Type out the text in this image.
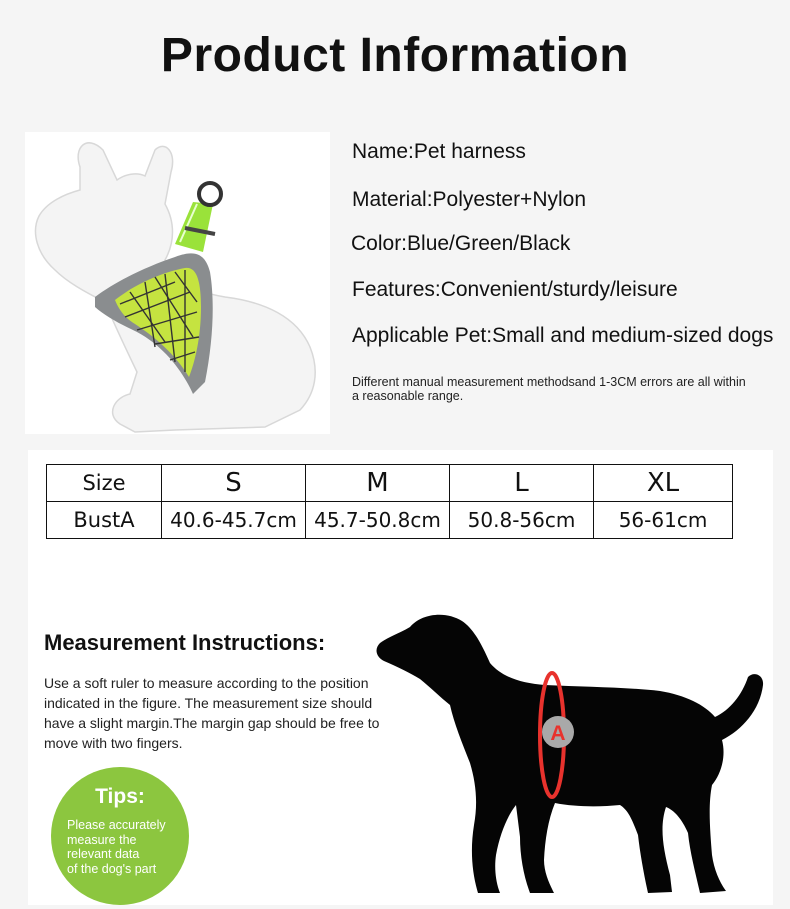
Product Information
Name:Pet harness
Material:Polyester+Nylon
Color:Blue/Green/Black
Features:Convenient/sturdy/leisure
Applicable Pet:Small and medium-sized dogs
Different manual measurement methodsand 1-3CM errors are all within a reasonable range.
Size	S	M	L	XL
BustA	40.6-45.7cm	45.7-50.8cm	50.8-56cm	56-61cm
Measurement Instructions:
Use a soft ruler to measure according to the position indicated in the figure. The measurement size should have a slight margin.The margin gap should be free to move with two fingers.
Tips:
Please accurately
measure the
relevant data
of the dog's part
A
